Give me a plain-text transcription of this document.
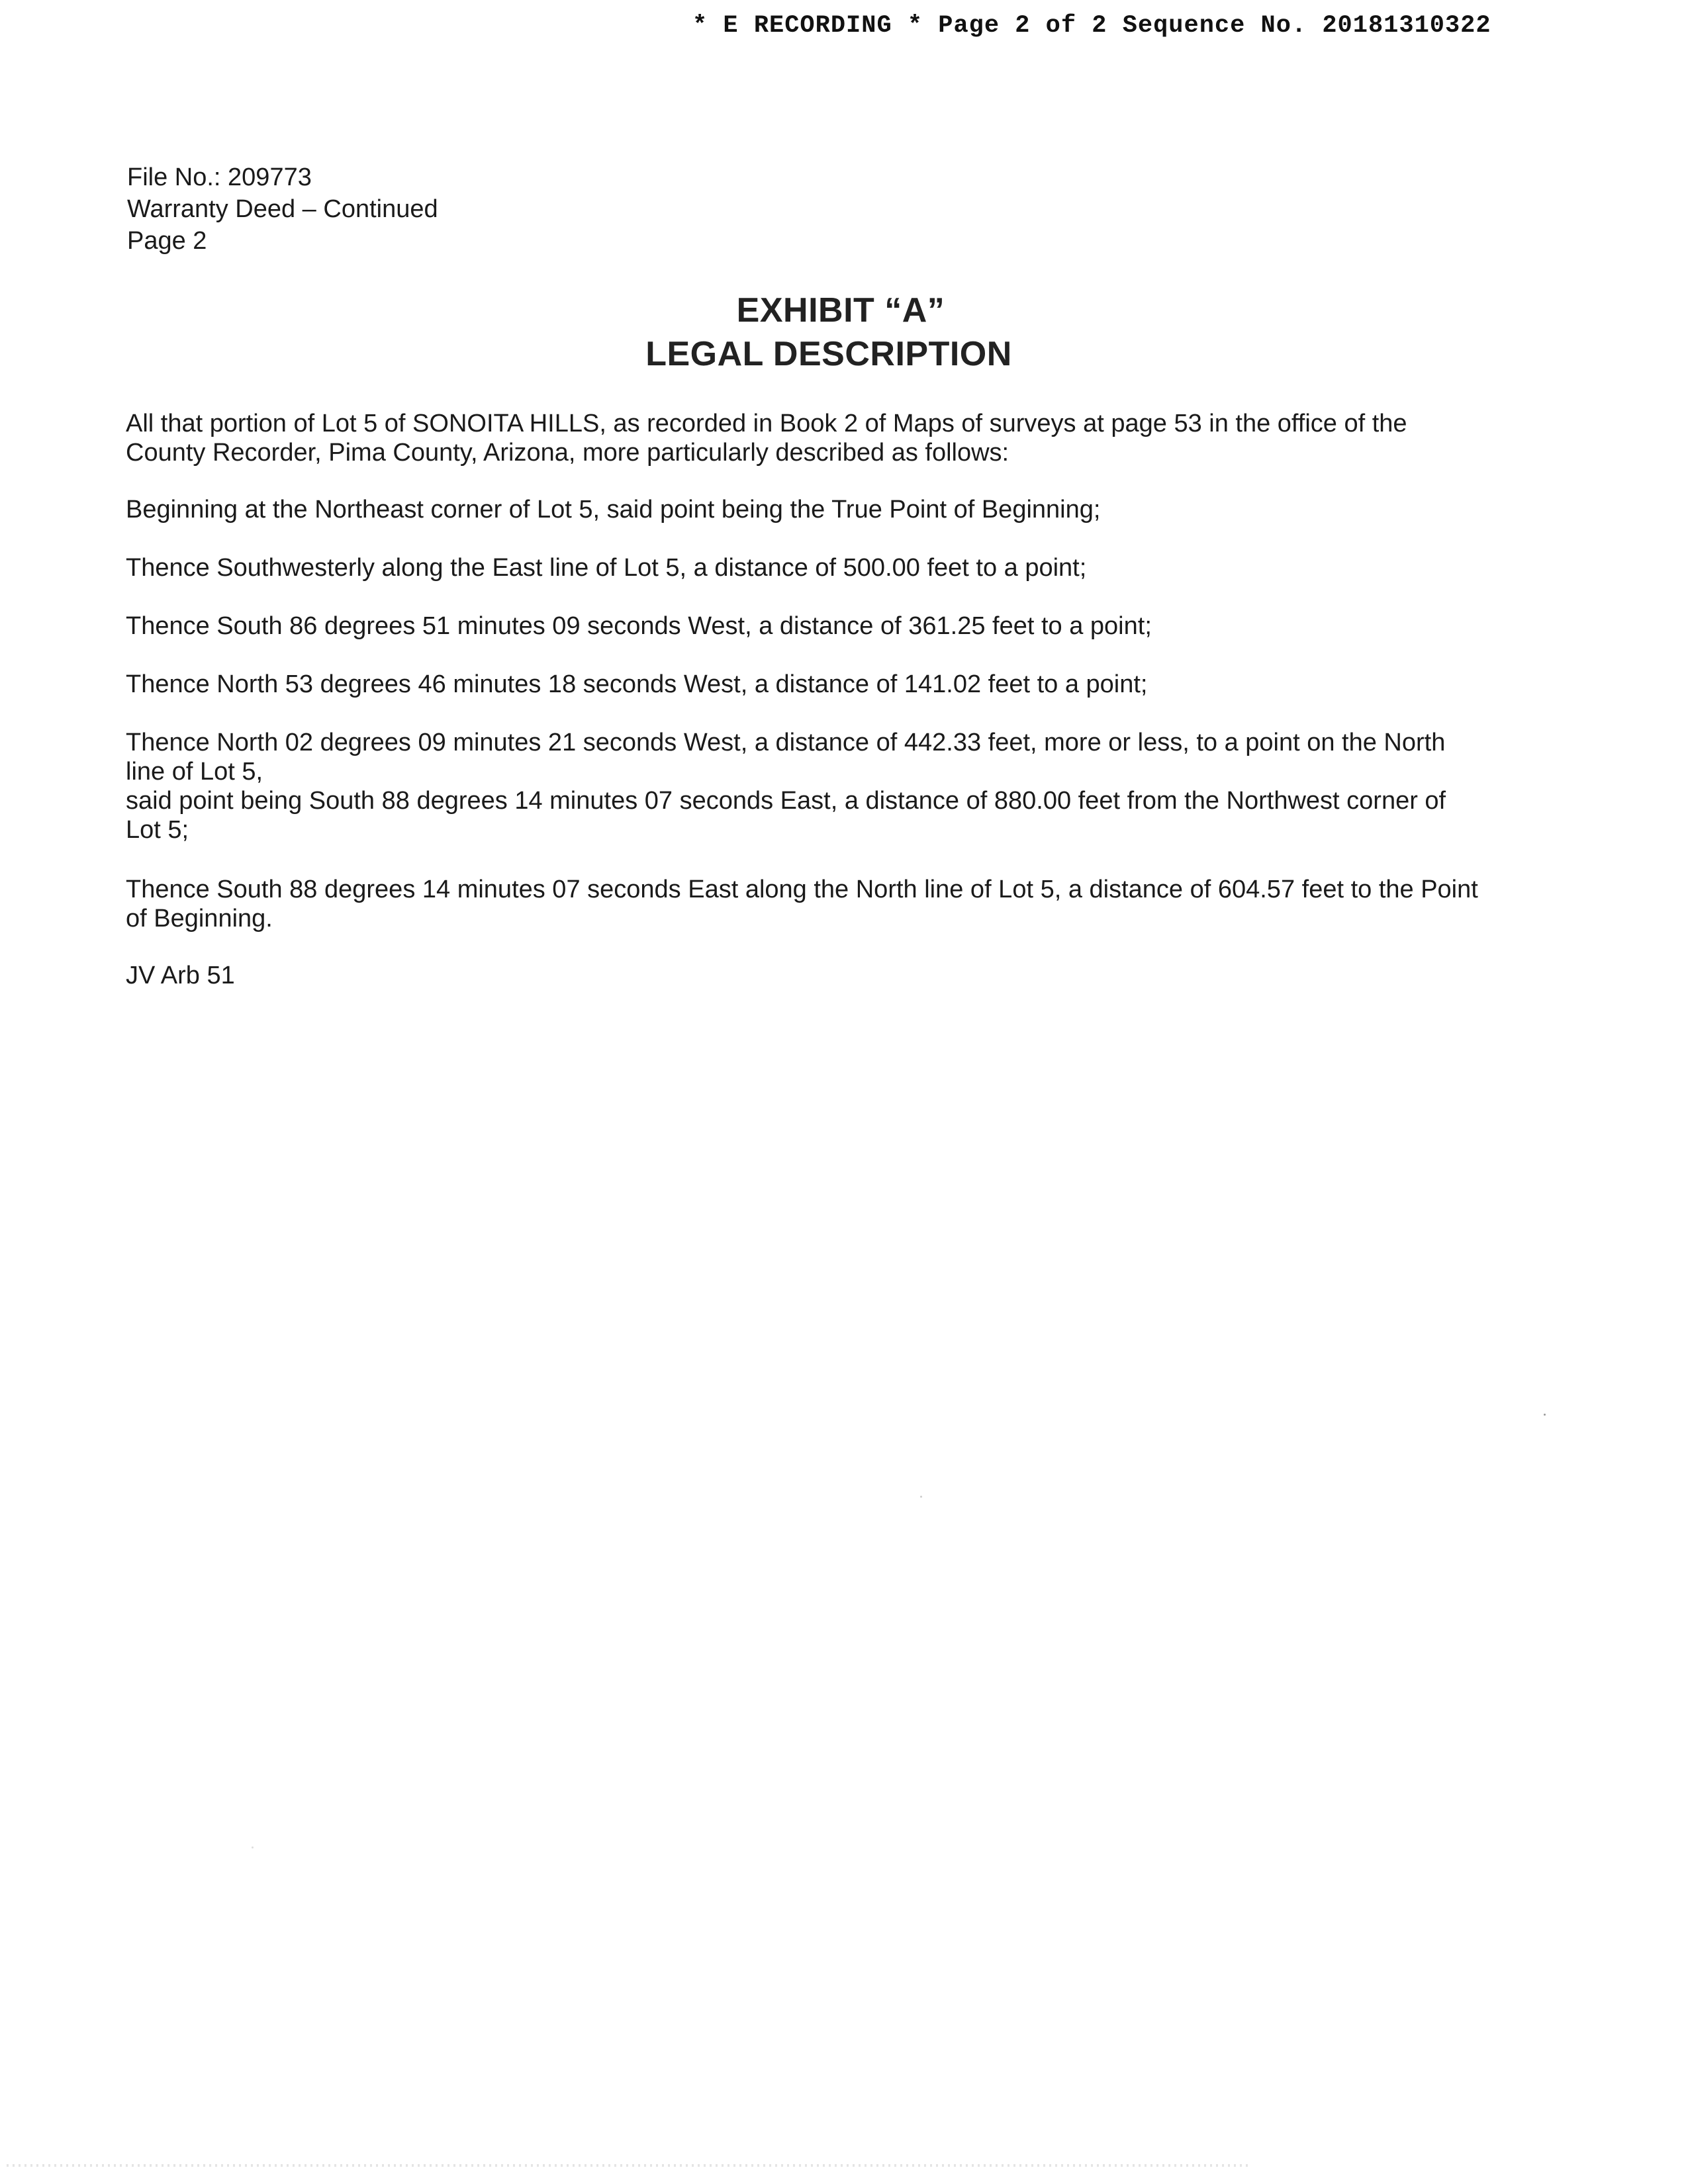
* E RECORDING * Page 2 of 2 Sequence No. 20181310322
File No.: 209773
Warranty Deed – Continued
Page 2
EXHIBIT “A”
LEGAL DESCRIPTION
All that portion of Lot 5 of SONOITA HILLS, as recorded in Book 2 of Maps of surveys at page 53 in the office of the
County Recorder, Pima County, Arizona, more particularly described as follows:
Beginning at the Northeast corner of Lot 5, said point being the True Point of Beginning;
Thence Southwesterly along the East line of Lot 5, a distance of 500.00 feet to a point;
Thence South 86 degrees 51 minutes 09 seconds West, a distance of 361.25 feet to a point;
Thence North 53 degrees 46 minutes 18 seconds West, a distance of 141.02 feet to a point;
Thence North 02 degrees 09 minutes 21 seconds West, a distance of 442.33 feet, more or less, to a point on the North
line of Lot 5,
said point being South 88 degrees 14 minutes 07 seconds East, a distance of 880.00 feet from the Northwest corner of
Lot 5;
Thence South 88 degrees 14 minutes 07 seconds East along the North line of Lot 5, a distance of 604.57 feet to the Point
of Beginning.
JV Arb 51
